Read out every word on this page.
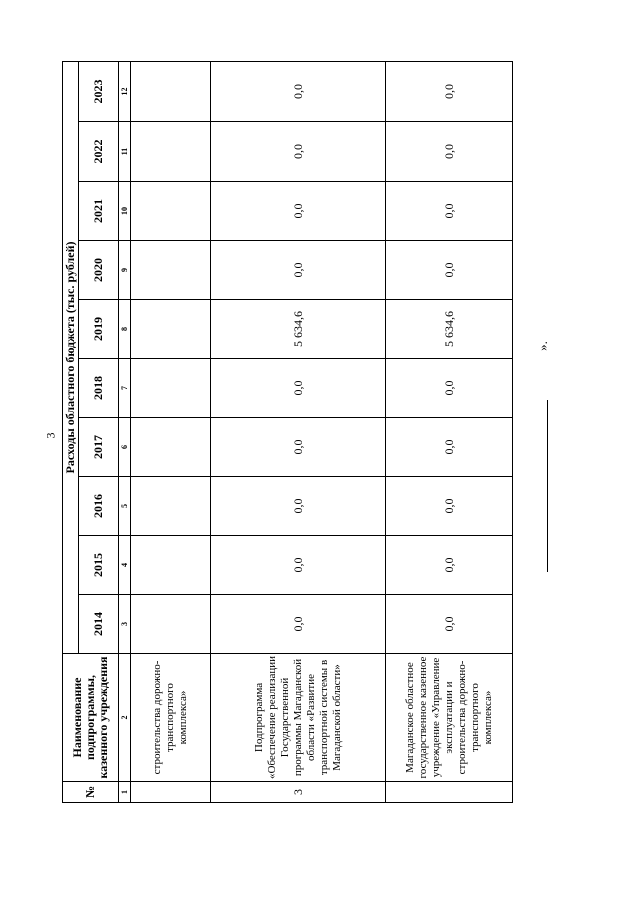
3
№	Наименование подпрограммы, казенного учреждения	Расходы областного бюджета (тыс. рублей)									
		2014	2015	2016	2017	2018	2019	2020	2021	2022	2023
1	2	3	4	5	6	7	8	9	10	11	12
	строительства дорожно-транспортного комплекса»										
3	Подпрограмма «Обеспечение реализации Государственной программы Магаданской области «Развитие транспортной системы в Магаданской области»	0,0	0,0	0,0	0,0	0,0	5 634,6	0,0	0,0	0,0	0,0
	Магаданское областное государственное казенное учреждение «Управление эксплуатации и строительства дорожно-транспортного комплекса»	0,0	0,0	0,0	0,0	0,0	5 634,6	0,0	0,0	0,0	0,0
».
